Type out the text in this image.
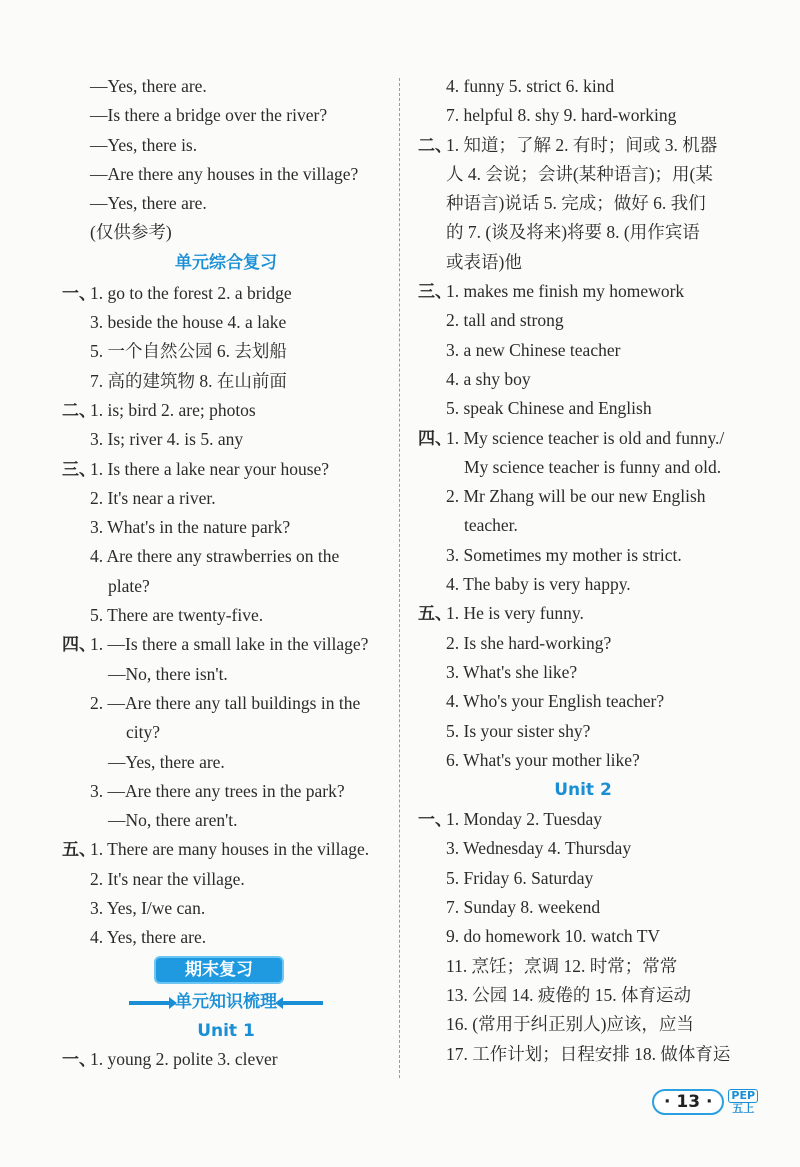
—Yes, there are.
—Is there a bridge over the river?
—Yes, there is.
—Are there any houses in the village?
—Yes, there are.
(仅供参考)
单元综合复习
一、1. go to the forest 2. a bridge
3. beside the house 4. a lake
5. 一个自然公园 6. 去划船
7. 高的建筑物 8. 在山前面
二、1. is; bird 2. are; photos
3. Is; river 4. is 5. any
三、1. Is there a lake near your house?
2. It's near a river.
3. What's in the nature park?
4. Are there any strawberries on the
plate?
5. There are twenty-five.
四、1. —Is there a small lake in the village?
—No, there isn't.
2. —Are there any tall buildings in the
city?
—Yes, there are.
3. —Are there any trees in the park?
—No, there aren't.
五、1. There are many houses in the village.
2. It's near the village.
3. Yes, I/we can.
4. Yes, there are.
期末复习
单元知识梳理
Unit 1
一、1. young 2. polite 3. clever
4. funny 5. strict 6. kind
7. helpful 8. shy 9. hard-working
二、1. 知道；了解 2. 有时；间或 3. 机器
人 4. 会说；会讲(某种语言)；用(某
种语言)说话 5. 完成；做好 6. 我们
的 7. (谈及将来)将要 8. (用作宾语
或表语)他
三、1. makes me finish my homework
2. tall and strong
3. a new Chinese teacher
4. a shy boy
5. speak Chinese and English
四、1. My science teacher is old and funny./
My science teacher is funny and old.
2. Mr Zhang will be our new English
teacher.
3. Sometimes my mother is strict.
4. The baby is very happy.
五、1. He is very funny.
2. Is she hard-working?
3. What's she like?
4. Who's your English teacher?
5. Is your sister shy?
6. What's your mother like?
Unit 2
一、1. Monday 2. Tuesday
3. Wednesday 4. Thursday
5. Friday 6. Saturday
7. Sunday 8. weekend
9. do homework 10. watch TV
11. 烹饪；烹调 12. 时常；常常
13. 公园 14. 疲倦的 15. 体育运动
16. (常用于纠正别人)应该，应当
17. 工作计划；日程安排 18. 做体育运
· 13 ·	PEP
五上
